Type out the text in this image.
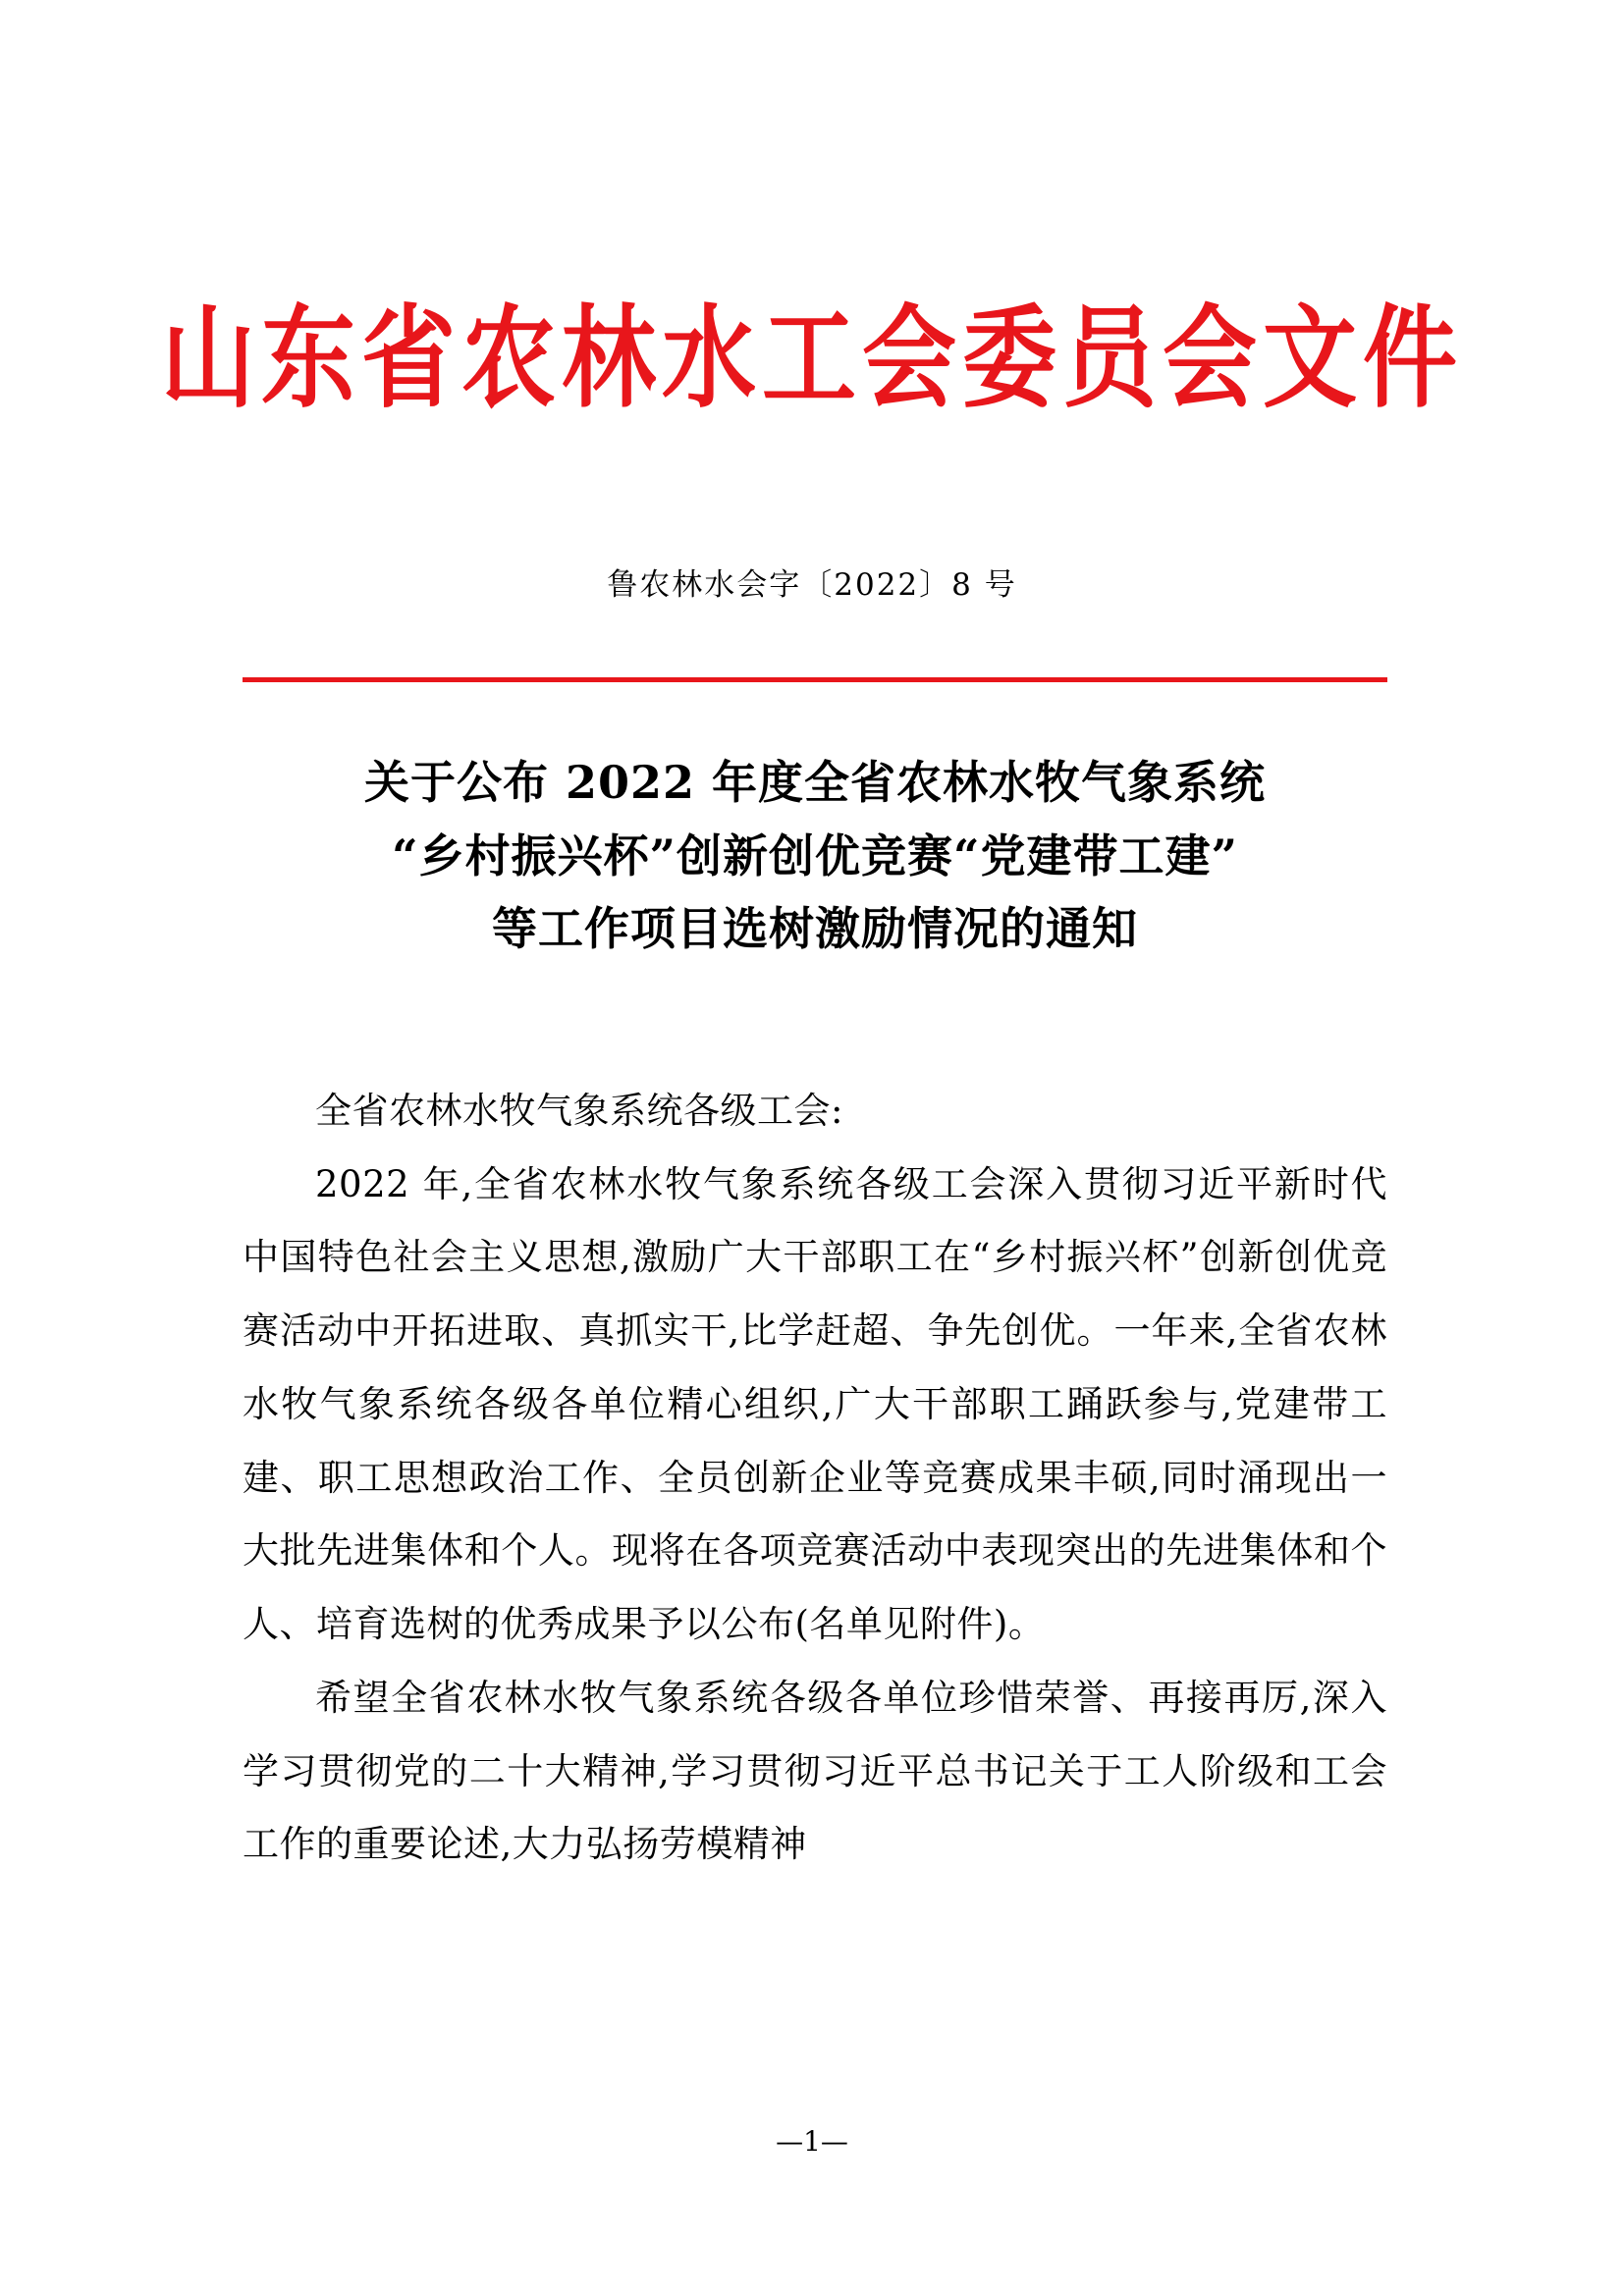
山东省农林水工会委员会文件
鲁农林水会字〔2022〕8 号
关于公布 2022 年度全省农林水牧气象系统
“乡村振兴杯”创新创优竞赛“党建带工建”
等工作项目选树激励情况的通知

全省农林水牧气象系统各级工会:

2022 年,全省农林水牧气象系统各级工会深入贯彻习近平新时代中国特色社会主义思想,激励广大干部职工在“乡村振兴杯”创新创优竞赛活动中开拓进取、真抓实干,比学赶超、争先创优。一年来,全省农林水牧气象系统各级各单位精心组织,广大干部职工踊跃参与,党建带工建、职工思想政治工作、全员创新企业等竞赛成果丰硕,同时涌现出一大批先进集体和个人。现将在各项竞赛活动中表现突出的先进集体和个人、培育选树的优秀成果予以公布(名单见附件)。

希望全省农林水牧气象系统各级各单位珍惜荣誉、再接再厉,深入学习贯彻党的二十大精神,学习贯彻习近平总书记关于工人阶级和工会工作的重要论述,大力弘扬劳模精神

—1—
